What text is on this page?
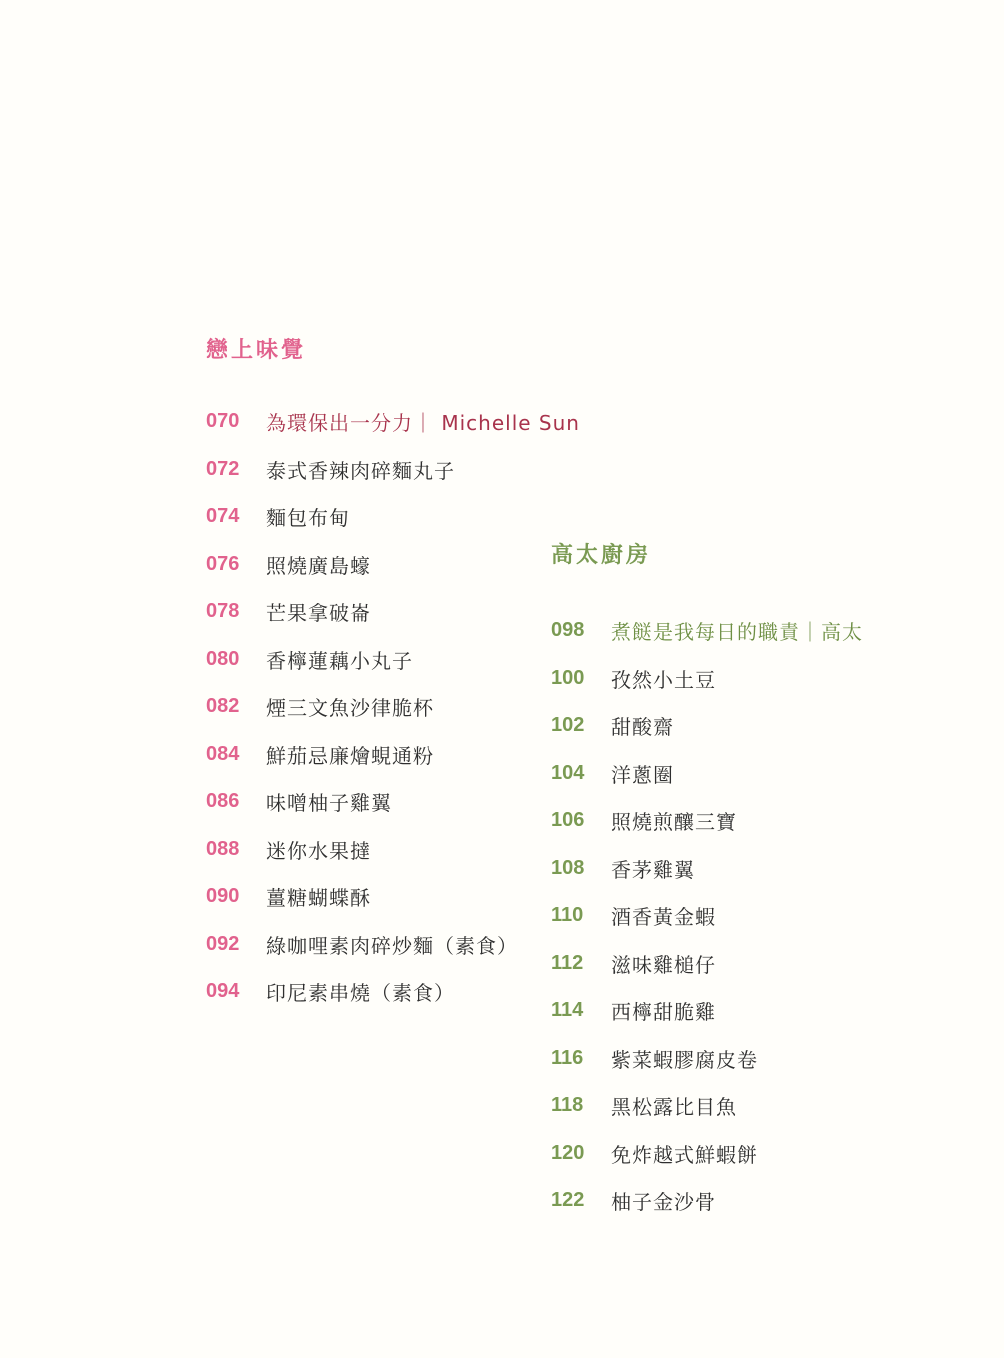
戀上味覺
070	為環保出一分力｜ Michelle Sun
072	泰式香辣肉碎麵丸子
074	麵包布甸
076	照燒廣島蠔
078	芒果拿破崙
080	香檸蓮藕小丸子
082	煙三文魚沙律脆杯
084	鮮茄忌廉燴蜆通粉
086	味噌柚子雞翼
088	迷你水果撻
090	薑糖蝴蝶酥
092	綠咖哩素肉碎炒麵（素食）
094	印尼素串燒（素食）
高太廚房
098	煮餸是我每日的職責｜高太
100	孜然小土豆
102	甜酸齋
104	洋蔥圈
106	照燒煎釀三寶
108	香茅雞翼
110	酒香黃金蝦
112	滋味雞槌仔
114	西檸甜脆雞
116	紫菜蝦膠腐皮卷
118	黑松露比目魚
120	免炸越式鮮蝦餅
122	柚子金沙骨
